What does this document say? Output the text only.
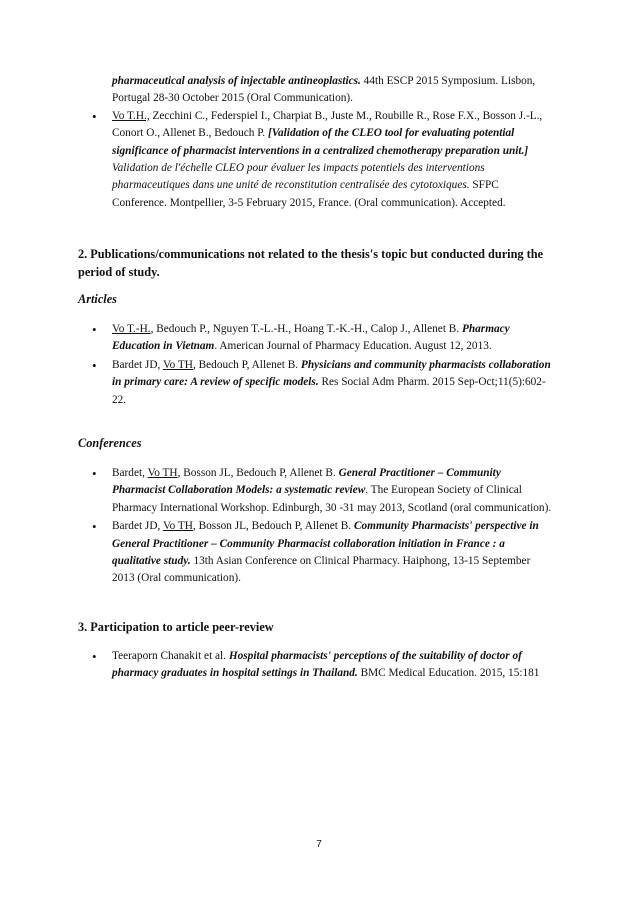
pharmaceutical analysis of injectable antineoplastics. 44th ESCP 2015 Symposium. Lisbon, Portugal 28-30 October 2015 (Oral Communication).
• Vo T.H., Zecchini C., Federspiel I., Charpiat B., Juste M., Roubille R., Rose F.X., Bosson J.-L., Conort O., Allenet B., Bedouch P. [Validation of the CLEO tool for evaluating potential significance of pharmacist interventions in a centralized chemotherapy preparation unit.] Validation de l'échelle CLEO pour évaluer les impacts potentiels des interventions pharmaceutiques dans une unité de reconstitution centralisée des cytotoxiques. SFPC Conference. Montpellier, 3-5 February 2015, France. (Oral communication). Accepted.

2. Publications/communications not related to the thesis's topic but conducted during the period of study.

Articles

• Vo T.-H., Bedouch P., Nguyen T.-L.-H., Hoang T.-K.-H., Calop J., Allenet B. Pharmacy Education in Vietnam. American Journal of Pharmacy Education. August 12, 2013.
• Bardet JD, Vo TH, Bedouch P, Allenet B. Physicians and community pharmacists collaboration in primary care: A review of specific models. Res Social Adm Pharm. 2015 Sep-Oct;11(5):602-22.

Conferences

• Bardet, Vo TH, Bosson JL, Bedouch P, Allenet B. General Practitioner – Community Pharmacist Collaboration Models: a systematic review. The European Society of Clinical Pharmacy International Workshop. Edinburgh, 30 -31 may 2013, Scotland (oral communication).
• Bardet JD, Vo TH, Bosson JL, Bedouch P, Allenet B. Community Pharmacists' perspective in General Practitioner – Community Pharmacist collaboration initiation in France : a qualitative study. 13th Asian Conference on Clinical Pharmacy. Haiphong, 13-15 September 2013 (Oral communication).

3. Participation to article peer-review

• Teeraporn Chanakit et al. Hospital pharmacists' perceptions of the suitability of doctor of pharmacy graduates in hospital settings in Thailand. BMC Medical Education. 2015, 15:181
7
